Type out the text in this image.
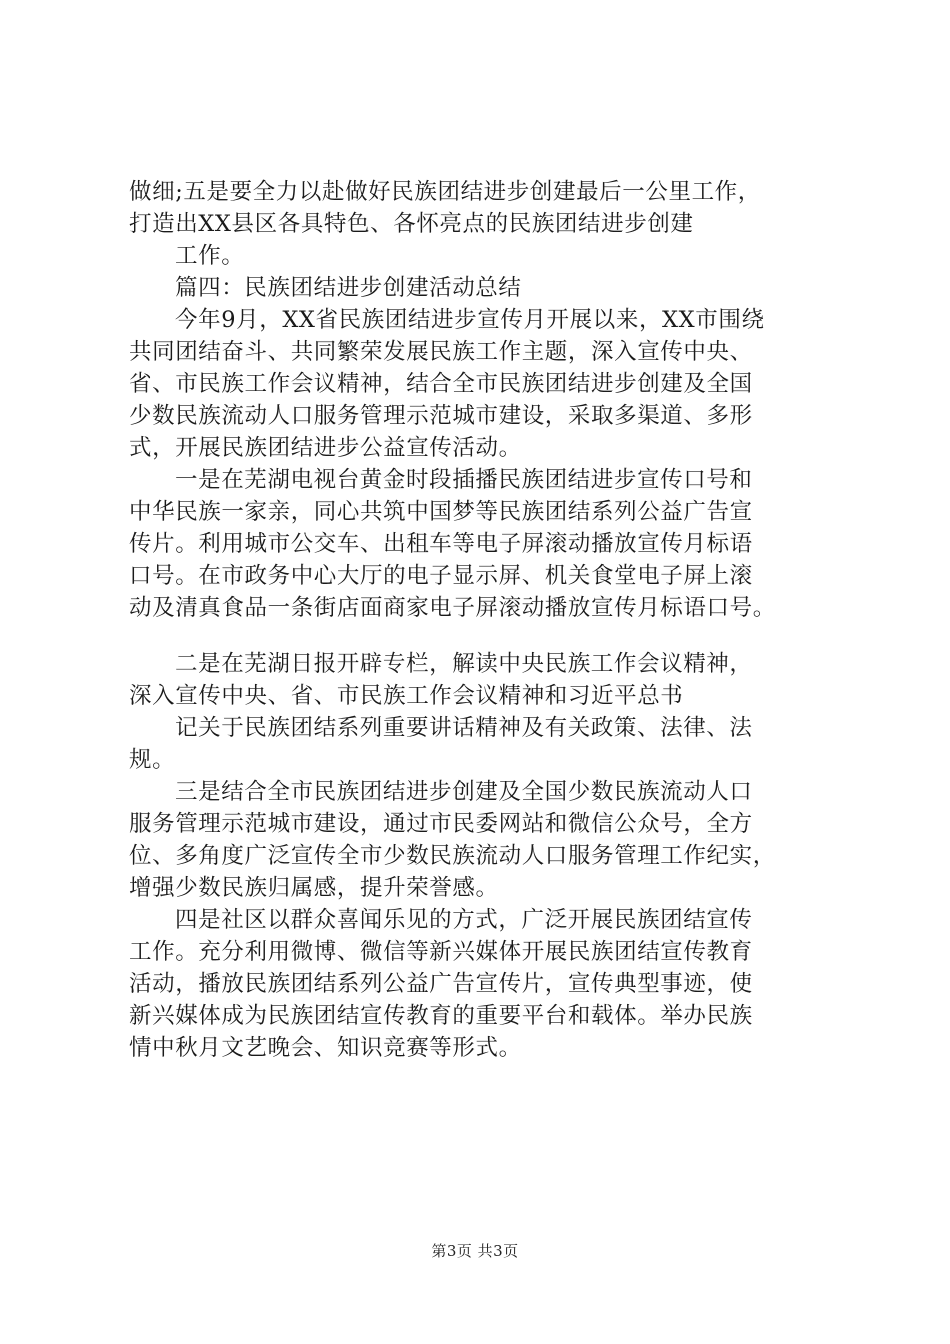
做细;五是要全力以赴做好民族团结进步创建最后一公里工作，
打造出XX县区各具特色、各怀亮点的民族团结进步创建
工作。
篇四：民族团结进步创建活动总结
今年9月，XX省民族团结进步宣传月开展以来，XX市围绕
共同团结奋斗、共同繁荣发展民族工作主题，深入宣传中央、
省、市民族工作会议精神，结合全市民族团结进步创建及全国
少数民族流动人口服务管理示范城市建设，采取多渠道、多形
式，开展民族团结进步公益宣传活动。
一是在芜湖电视台黄金时段插播民族团结进步宣传口号和
中华民族一家亲，同心共筑中国梦等民族团结系列公益广告宣
传片。利用城市公交车、出租车等电子屏滚动播放宣传月标语
口号。在市政务中心大厅的电子显示屏、机关食堂电子屏上滚
动及清真食品一条街店面商家电子屏滚动播放宣传月标语口号。
二是在芜湖日报开辟专栏，解读中央民族工作会议精神，
深入宣传中央、省、市民族工作会议精神和习近平总书
记关于民族团结系列重要讲话精神及有关政策、法律、法
规。
三是结合全市民族团结进步创建及全国少数民族流动人口
服务管理示范城市建设，通过市民委网站和微信公众号，全方
位、多角度广泛宣传全市少数民族流动人口服务管理工作纪实，
增强少数民族归属感，提升荣誉感。
四是社区以群众喜闻乐见的方式，广泛开展民族团结宣传
工作。充分利用微博、微信等新兴媒体开展民族团结宣传教育
活动，播放民族团结系列公益广告宣传片，宣传典型事迹，使
新兴媒体成为民族团结宣传教育的重要平台和载体。举办民族
情中秋月文艺晚会、知识竞赛等形式。
第3页 共3页
